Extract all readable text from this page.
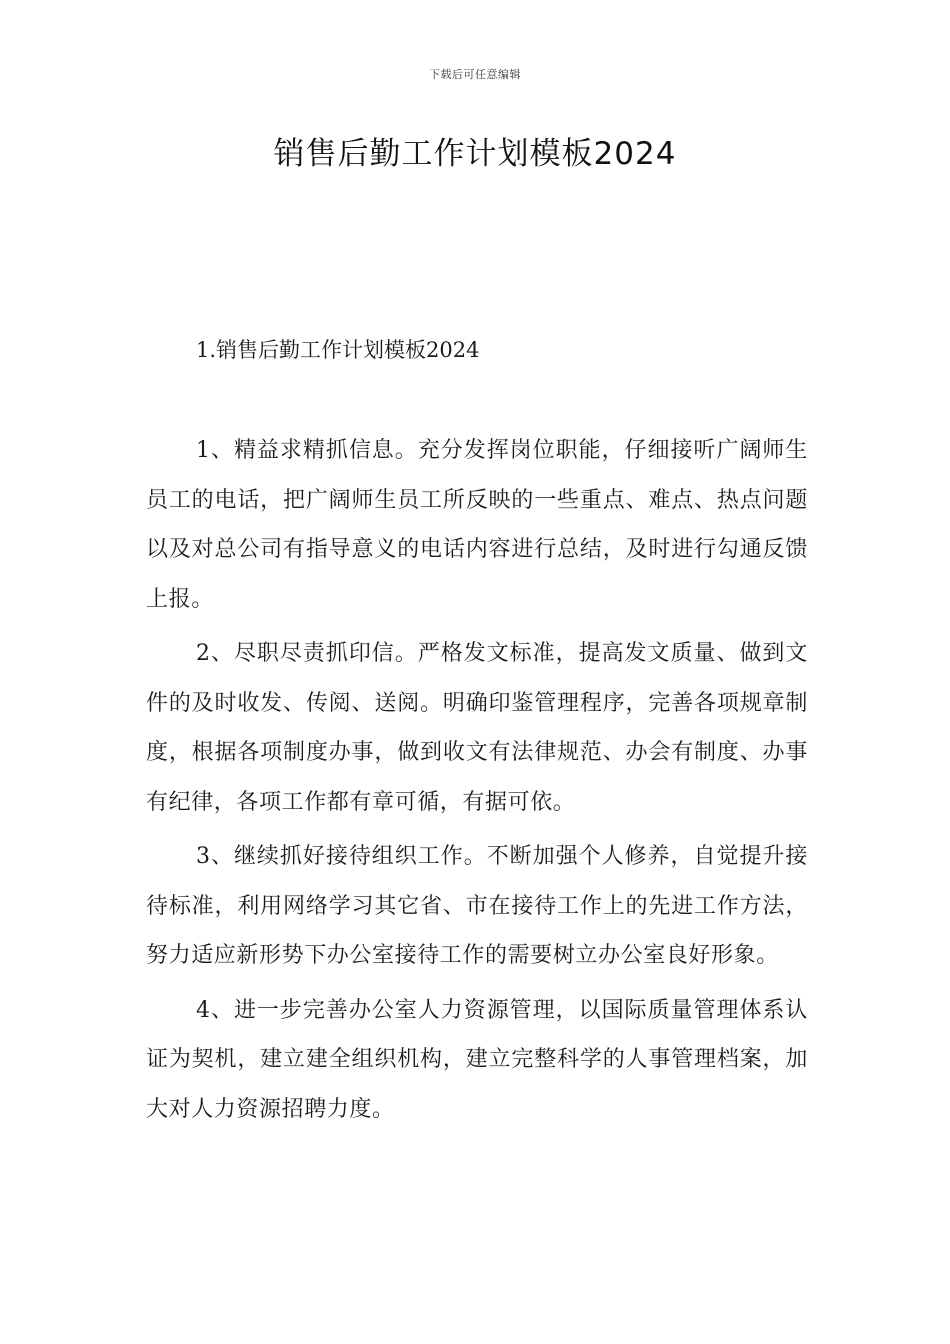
下载后可任意编辑
销售后勤工作计划模板2024

1.销售后勤工作计划模板2024

1、精益求精抓信息。充分发挥岗位职能，仔细接听广阔师生员工的电话，把广阔师生员工所反映的一些重点、难点、热点问题以及对总公司有指导意义的电话内容进行总结，及时进行勾通反馈上报。

2、尽职尽责抓印信。严格发文标准，提高发文质量、做到文件的及时收发、传阅、送阅。明确印鉴管理程序，完善各项规章制度，根据各项制度办事，做到收文有法律规范、办会有制度、办事有纪律，各项工作都有章可循，有据可依。

3、继续抓好接待组织工作。不断加强个人修养，自觉提升接待标准，利用网络学习其它省、市在接待工作上的先进工作方法，努力适应新形势下办公室接待工作的需要树立办公室良好形象。

4、进一步完善办公室人力资源管理，以国际质量管理体系认证为契机，建立建全组织机构，建立完整科学的人事管理档案，加大对人力资源招聘力度。
